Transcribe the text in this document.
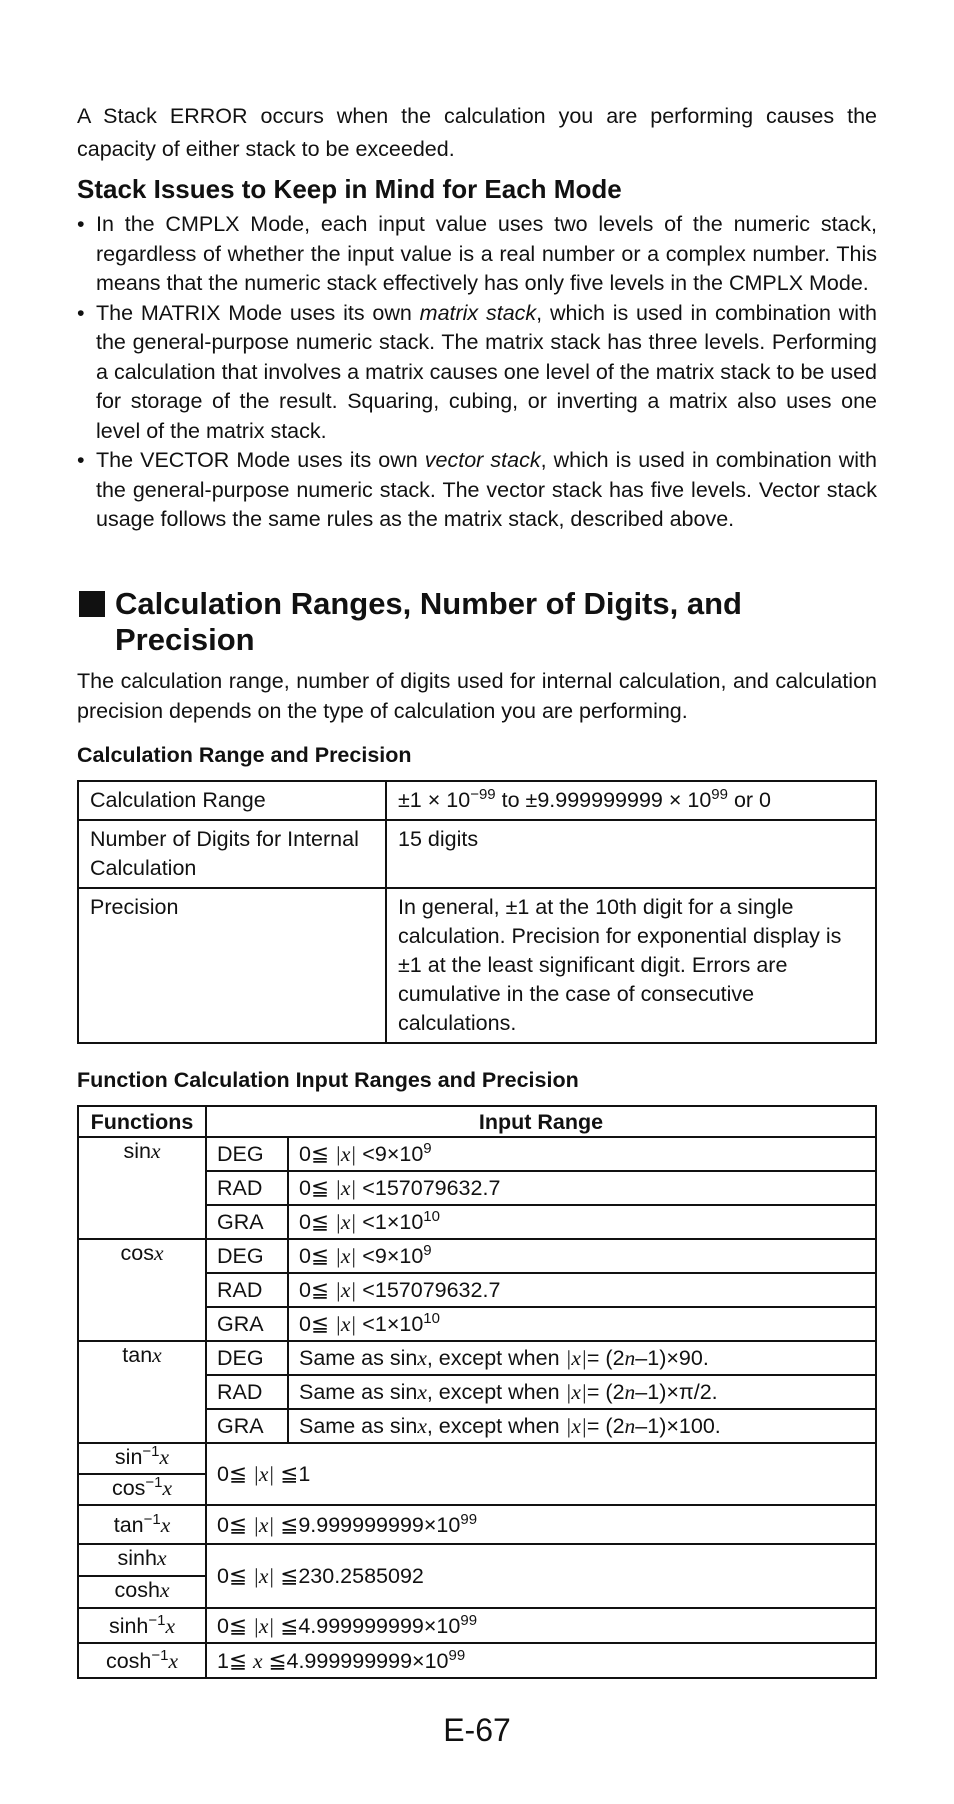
A Stack ERROR occurs when the calculation you are performing causes the capacity of either stack to be exceeded.

Stack Issues to Keep in Mind for Each Mode
• In the CMPLX Mode, each input value uses two levels of the numeric stack, regardless of whether the input value is a real number or a complex number. This means that the numeric stack effectively has only five levels in the CMPLX Mode.
• The MATRIX Mode uses its own matrix stack, which is used in combination with the general-purpose numeric stack. The matrix stack has three levels. Performing a calculation that involves a matrix causes one level of the matrix stack to be used for storage of the result. Squaring, cubing, or inverting a matrix also uses one level of the matrix stack.
• The VECTOR Mode uses its own vector stack, which is used in combination with the general-purpose numeric stack. The vector stack has five levels. Vector stack usage follows the same rules as the matrix stack, described above.
Calculation Ranges, Number of Digits, and Precision

The calculation range, number of digits used for internal calculation, and calculation precision depends on the type of calculation you are performing.

Calculation Range and Precision
Calculation Range	$\pm 1 \times 10^{-99}$ to $\pm 9.999999999 \times 10^{99}$ or 0
Number of Digits for Internal Calculation	15 digits
Precision	In general, ±1 at the 10th digit for a single calculation. Precision for exponential display is ±1 at the least significant digit. Errors are cumulative in the case of consecutive calculations.
Function Calculation Input Ranges and Precision
Functions	Input Range	
sinx	DEG	0≦ $|x| <9\times 10^9$
	RAD	0≦ |x| <157079632.7
	GRA	0≦ $|x| <1\times 10^{10}$
cosx	DEG	0≦ $|x| <9\times 10^9$
	RAD	0≦ |x| <157079632.7
	GRA	0≦ $|x| <1\times 10^{10}$
tanx	DEG	Same as sinx, except when |x|= (2n–1)×90.
	RAD	Same as sinx, except when |x|= (2n–1)×π/2.
	GRA	Same as sinx, except when |x|= (2n–1)×100.
$\sin^{-1}x$	0≦ |x| ≦1	
$\cos^{-1}x$		
$\tan^{-1}x$	0≦ |x| $≦9.999999999\times 10^{99}$
sinhx	0≦ |x| ≦230.2585092	
coshx		
$\sinh^{-1}x$	0≦ |x| $≦4.999999999\times 10^{99}$
$\cosh^{-1}x$	1≦ x $≦4.999999999\times 10^{99}$
E-67
